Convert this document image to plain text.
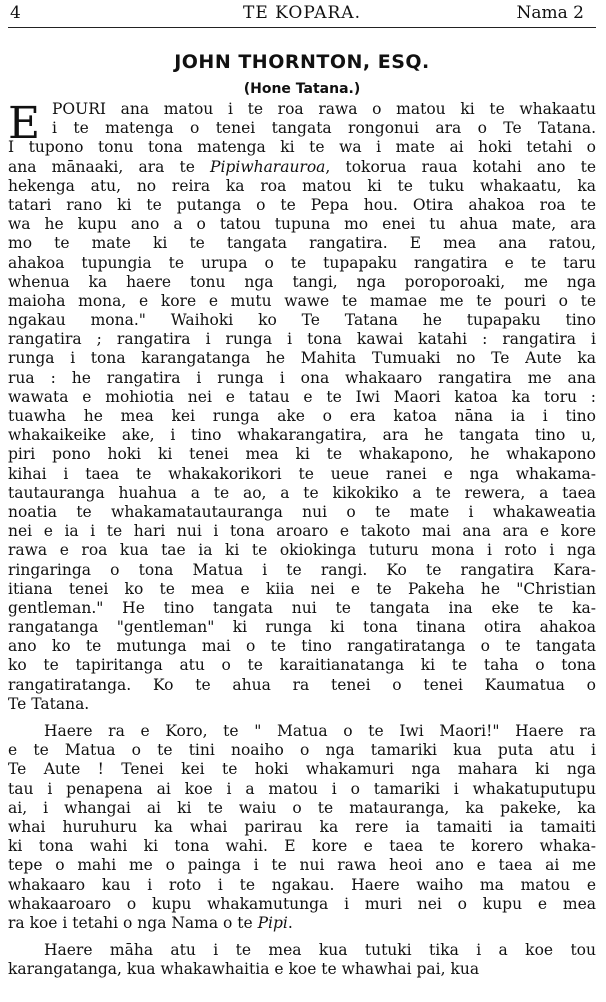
4	TE KOPARA.	Nama 2
JOHN THORNTON, ESQ.
(Hone Tatana.)
E POURI ana matou i te roa rawa o matou ki te whakaatu
i te matenga o tenei tangata rongonui ara o Te Tatana.
I tupono tonu tona matenga ki te wa i mate ai hoki tetahi o
ana mānaaki, ara te Pipiwharauroa, tokorua raua kotahi ano te
hekenga atu, no reira ka roa matou ki te tuku whakaatu, ka
tatari rano ki te putanga o te Pepa hou. Otira ahakoa roa te
wa he kupu ano a o tatou tupuna mo enei tu ahua mate, ara
mo te mate ki te tangata rangatira. E mea ana ratou,
ahakoa tupungia te urupa o te tupapaku rangatira e te taru
whenua ka haere tonu nga tangi, nga poroporoaki, me nga
maioha mona, e kore e mutu wawe te mamae me te pouri o te
ngakau mona." Waihoki ko Te Tatana he tupapaku tino
rangatira ; rangatira i runga i tona kawai katahi : rangatira i
runga i tona karangatanga he Mahita Tumuaki no Te Aute ka
rua : he rangatira i runga i ona whakaaro rangatira me ana
wawata e mohiotia nei e tatau e te Iwi Maori katoa ka toru :
tuawha he mea kei runga ake o era katoa nāna ia i tino
whakaikeike ake, i tino whakarangatira, ara he tangata tino u,
piri pono hoki ki tenei mea ki te whakapono, he whakapono
kihai i taea te whakakorikori te ueue ranei e nga whakama-
tautauranga huahua a te ao, a te kikokiko a te rewera, a taea
noatia te whakamatautauranga nui o te mate i whakaweatia
nei e ia i te hari nui i tona aroaro e takoto mai ana ara e kore
rawa e roa kua tae ia ki te okiokinga tuturu mona i roto i nga
ringaringa o tona Matua i te rangi. Ko te rangatira Kara-
itiana tenei ko te mea e kiia nei e te Pakeha he "Christian
gentleman." He tino tangata nui te tangata ina eke te ka-
rangatanga "gentleman" ki runga ki tona tinana otira ahakoa
ano ko te mutunga mai o te tino rangatiratanga o te tangata
ko te tapiritanga atu o te karaitianatanga ki te taha o tona
rangatiratanga. Ko te ahua ra tenei o tenei Kaumatua o
Te Tatana.
Haere ra e Koro, te " Matua o te Iwi Maori!" Haere ra
e te Matua o te tini noaiho o nga tamariki kua puta atu i
Te Aute ! Tenei kei te hoki whakamuri nga mahara ki nga
tau i penapena ai koe i a matou i o tamariki i whakatuputupu
ai, i whangai ai ki te waiu o te matauranga, ka pakeke, ka
whai huruhuru ka whai parirau ka rere ia tamaiti ia tamaiti
ki tona wahi ki tona wahi. E kore e taea te korero whaka-
tepe o mahi me o painga i te nui rawa heoi ano e taea ai me
whakaaro kau i roto i te ngakau. Haere waiho ma matou e
whakaaroaro o kupu whakamutunga i muri nei o kupu e mea
ra koe i tetahi o nga Nama o te Pipi.
Haere māha atu i te mea kua tutuki tika i a koe tou
karangatanga, kua whakawhaitia e koe te whawhai pai, kua
